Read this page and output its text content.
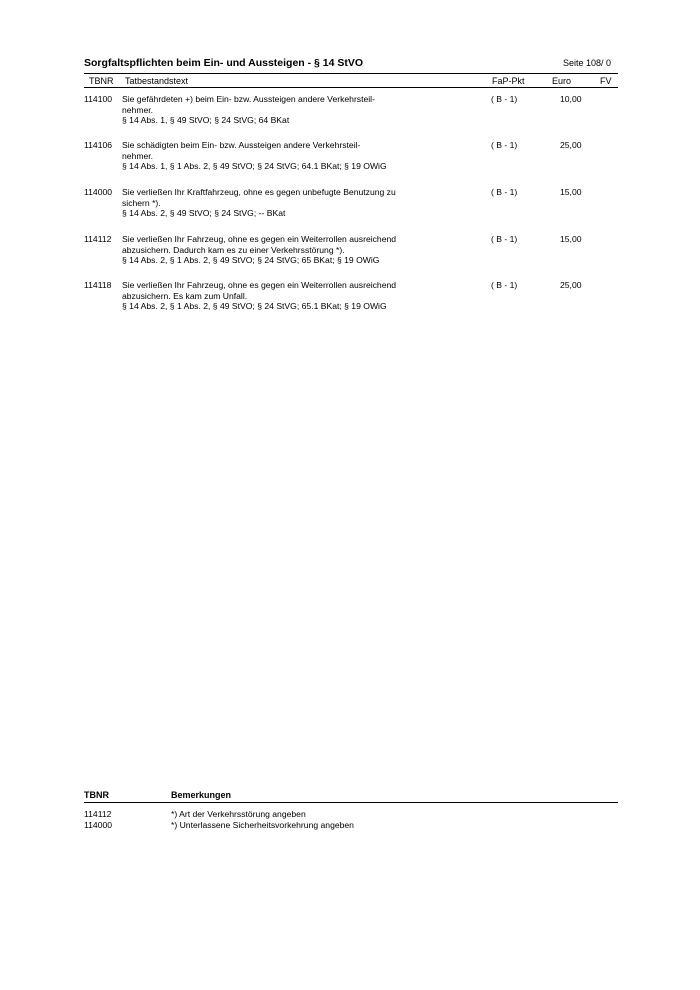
Sorgfaltspflichten beim Ein- und Aussteigen - § 14 StVO	Seite 108/ 0
TBNR Tatbestandstext	FaP-Pkt	Euro	FV
114100 Sie gefährdeten +) beim Ein- bzw. Aussteigen andere Verkehrsteil-
nehmer.
§ 14 Abs. 1, § 49 StVO; § 24 StVG; 64 BKat
( B - 1)	10,00
114106 Sie schädigten beim Ein- bzw. Aussteigen andere Verkehrsteil-
nehmer.
§ 14 Abs. 1, § 1 Abs. 2, § 49 StVO; § 24 StVG; 64.1 BKat; § 19 OWiG
( B - 1)	25,00
114000 Sie verließen Ihr Kraftfahrzeug, ohne es gegen unbefugte Benutzung zu
sichern *).
§ 14 Abs. 2, § 49 StVO; § 24 StVG; -- BKat
( B - 1)	15,00
114112 Sie verließen Ihr Fahrzeug, ohne es gegen ein Weiterrollen ausreichend
abzusichern. Dadurch kam es zu einer Verkehrsstörung *).
§ 14 Abs. 2, § 1 Abs. 2, § 49 StVO; § 24 StVG; 65 BKat; § 19 OWiG
( B - 1)	15,00
114118 Sie verließen Ihr Fahrzeug, ohne es gegen ein Weiterrollen ausreichend
abzusichern. Es kam zum Unfall.
§ 14 Abs. 2, § 1 Abs. 2, § 49 StVO; § 24 StVG; 65.1 BKat; § 19 OWiG
( B - 1)	25,00
TBNR	Bemerkungen
114112	*) Art der Verkehrsstörung angeben
114000	*) Unterlassene Sicherheitsvorkehrung angeben
